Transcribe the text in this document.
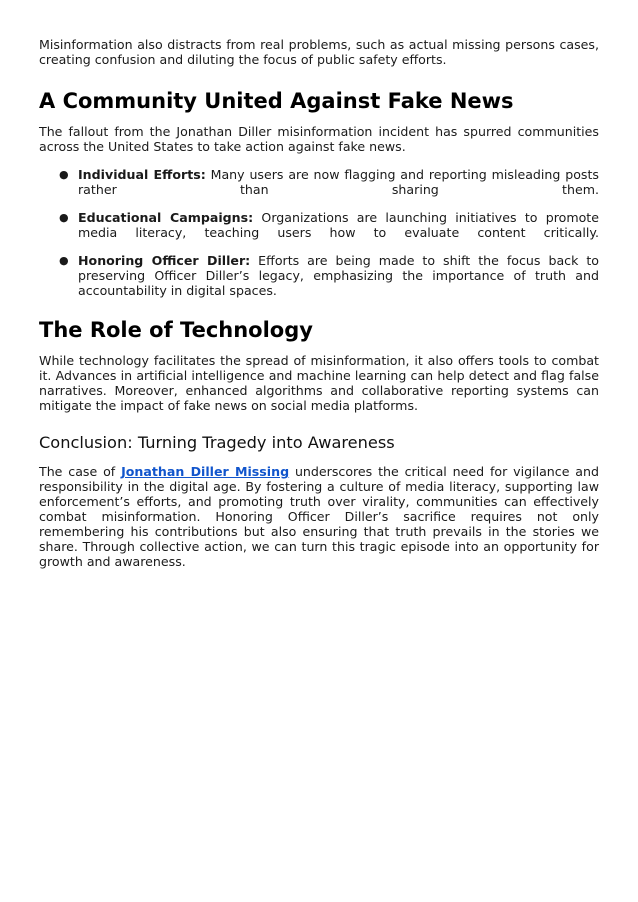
Misinformation also distracts from real problems, such as actual missing persons cases, creating confusion and diluting the focus of public safety efforts.

A Community United Against Fake News

The fallout from the Jonathan Diller misinformation incident has spurred communities across the United States to take action against fake news.

● Individual Efforts: Many users are now flagging and reporting misleading posts rather than sharing them.
● Educational Campaigns: Organizations are launching initiatives to promote media literacy, teaching users how to evaluate content critically.
● Honoring Officer Diller: Efforts are being made to shift the focus back to preserving Officer Diller’s legacy, emphasizing the importance of truth and accountability in digital spaces.
The Role of Technology

While technology facilitates the spread of misinformation, it also offers tools to combat it. Advances in artificial intelligence and machine learning can help detect and flag false narratives. Moreover, enhanced algorithms and collaborative reporting systems can mitigate the impact of fake news on social media platforms.

Conclusion: Turning Tragedy into Awareness

The case of Jonathan Diller Missing underscores the critical need for vigilance and responsibility in the digital age. By fostering a culture of media literacy, supporting law enforcement’s efforts, and promoting truth over virality, communities can effectively combat misinformation. Honoring Officer Diller’s sacrifice requires not only remembering his contributions but also ensuring that truth prevails in the stories we share. Through collective action, we can turn this tragic episode into an opportunity for growth and awareness.
